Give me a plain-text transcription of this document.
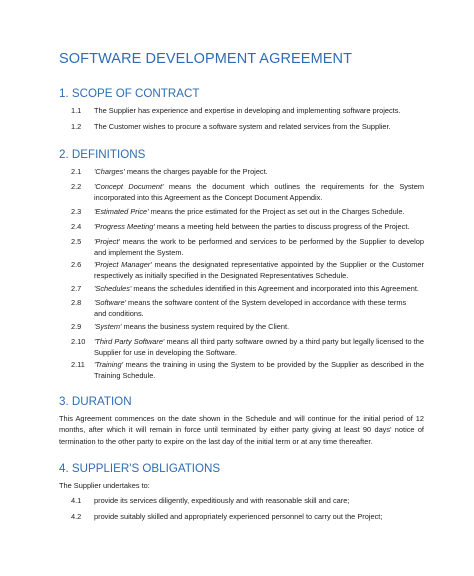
SOFTWARE DEVELOPMENT AGREEMENT
1. SCOPE OF CONTRACT
1.1 The Supplier has experience and expertise in developing and implementing software projects.
1.2 The Customer wishes to procure a software system and related services from the Supplier.
2. DEFINITIONS
2.1 'Charges' means the charges payable for the Project.
2.2 'Concept Document' means the document which outlines the requirements for the System incorporated into this Agreement as the Concept Document Appendix.
2.3 'Estimated Price' means the price estimated for the Project as set out in the Charges Schedule.
2.4 'Progress Meeting' means a meeting held between the parties to discuss progress of the Project.
2.5 'Project' means the work to be performed and services to be performed by the Supplier to develop and implement the System.
2.6 'Project Manager' means the designated representative appointed by the Supplier or the Customer respectively as initially specified in the Designated Representatives Schedule.
2.7 'Schedules' means the schedules identified in this Agreement and incorporated into this Agreement.
2.8 'Software' means the software content of the System developed in accordance with these terms and conditions.
2.9 'System' means the business system required by the Client.
2.10 'Third Party Software' means all third party software owned by a third party but legally licensed to the Supplier for use in developing the Software.
2.11 'Training' means the training in using the System to be provided by the Supplier as described in the Training Schedule.
3. DURATION
This Agreement commences on the date shown in the Schedule and will continue for the initial period of 12 months, after which it will remain in force until terminated by either party giving at least 90 days' notice of termination to the other party to expire on the last day of the initial term or at any time thereafter.
4. SUPPLIER'S OBLIGATIONS
The Supplier undertakes to:
4.1 provide its services diligently, expeditiously and with reasonable skill and care;
4.2 provide suitably skilled and appropriately experienced personnel to carry out the Project;
